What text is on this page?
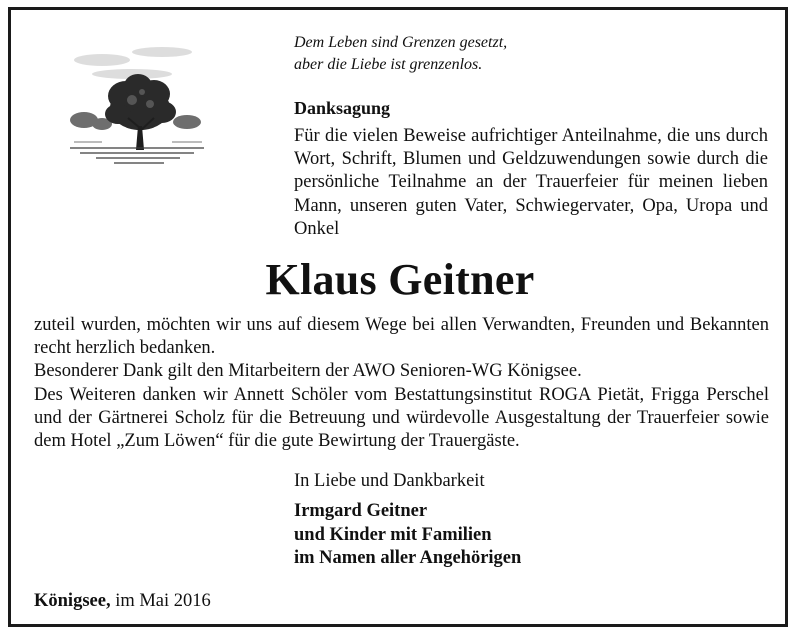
Dem Leben sind Grenzen gesetzt,
aber die Liebe ist grenzenlos.
Danksagung
Für die vielen Beweise aufrichtiger Anteilnahme, die uns durch Wort, Schrift, Blumen und Geldzuwendungen sowie durch die persönliche Teilnahme an der Trauerfeier für meinen lieben Mann, unseren guten Vater, Schwiegervater, Opa, Uropa und Onkel
Klaus Geitner
zuteil wurden, möchten wir uns auf diesem Wege bei allen Verwandten, Freunden und Bekannten recht herzlich bedanken.
Besonderer Dank gilt den Mitarbeitern der AWO Senioren-WG Königsee.
Des Weiteren danken wir Annett Schöler vom Bestattungsinstitut ROGA Pietät, Frigga Perschel und der Gärtnerei Scholz für die Betreuung und würdevolle Ausgestaltung der Trauerfeier sowie dem Hotel „Zum Löwen“ für die gute Bewirtung der Trauergäste.
In Liebe und Dankbarkeit
Irmgard Geitner
und Kinder mit Familien
im Namen aller Angehörigen
Königsee, im Mai 2016
